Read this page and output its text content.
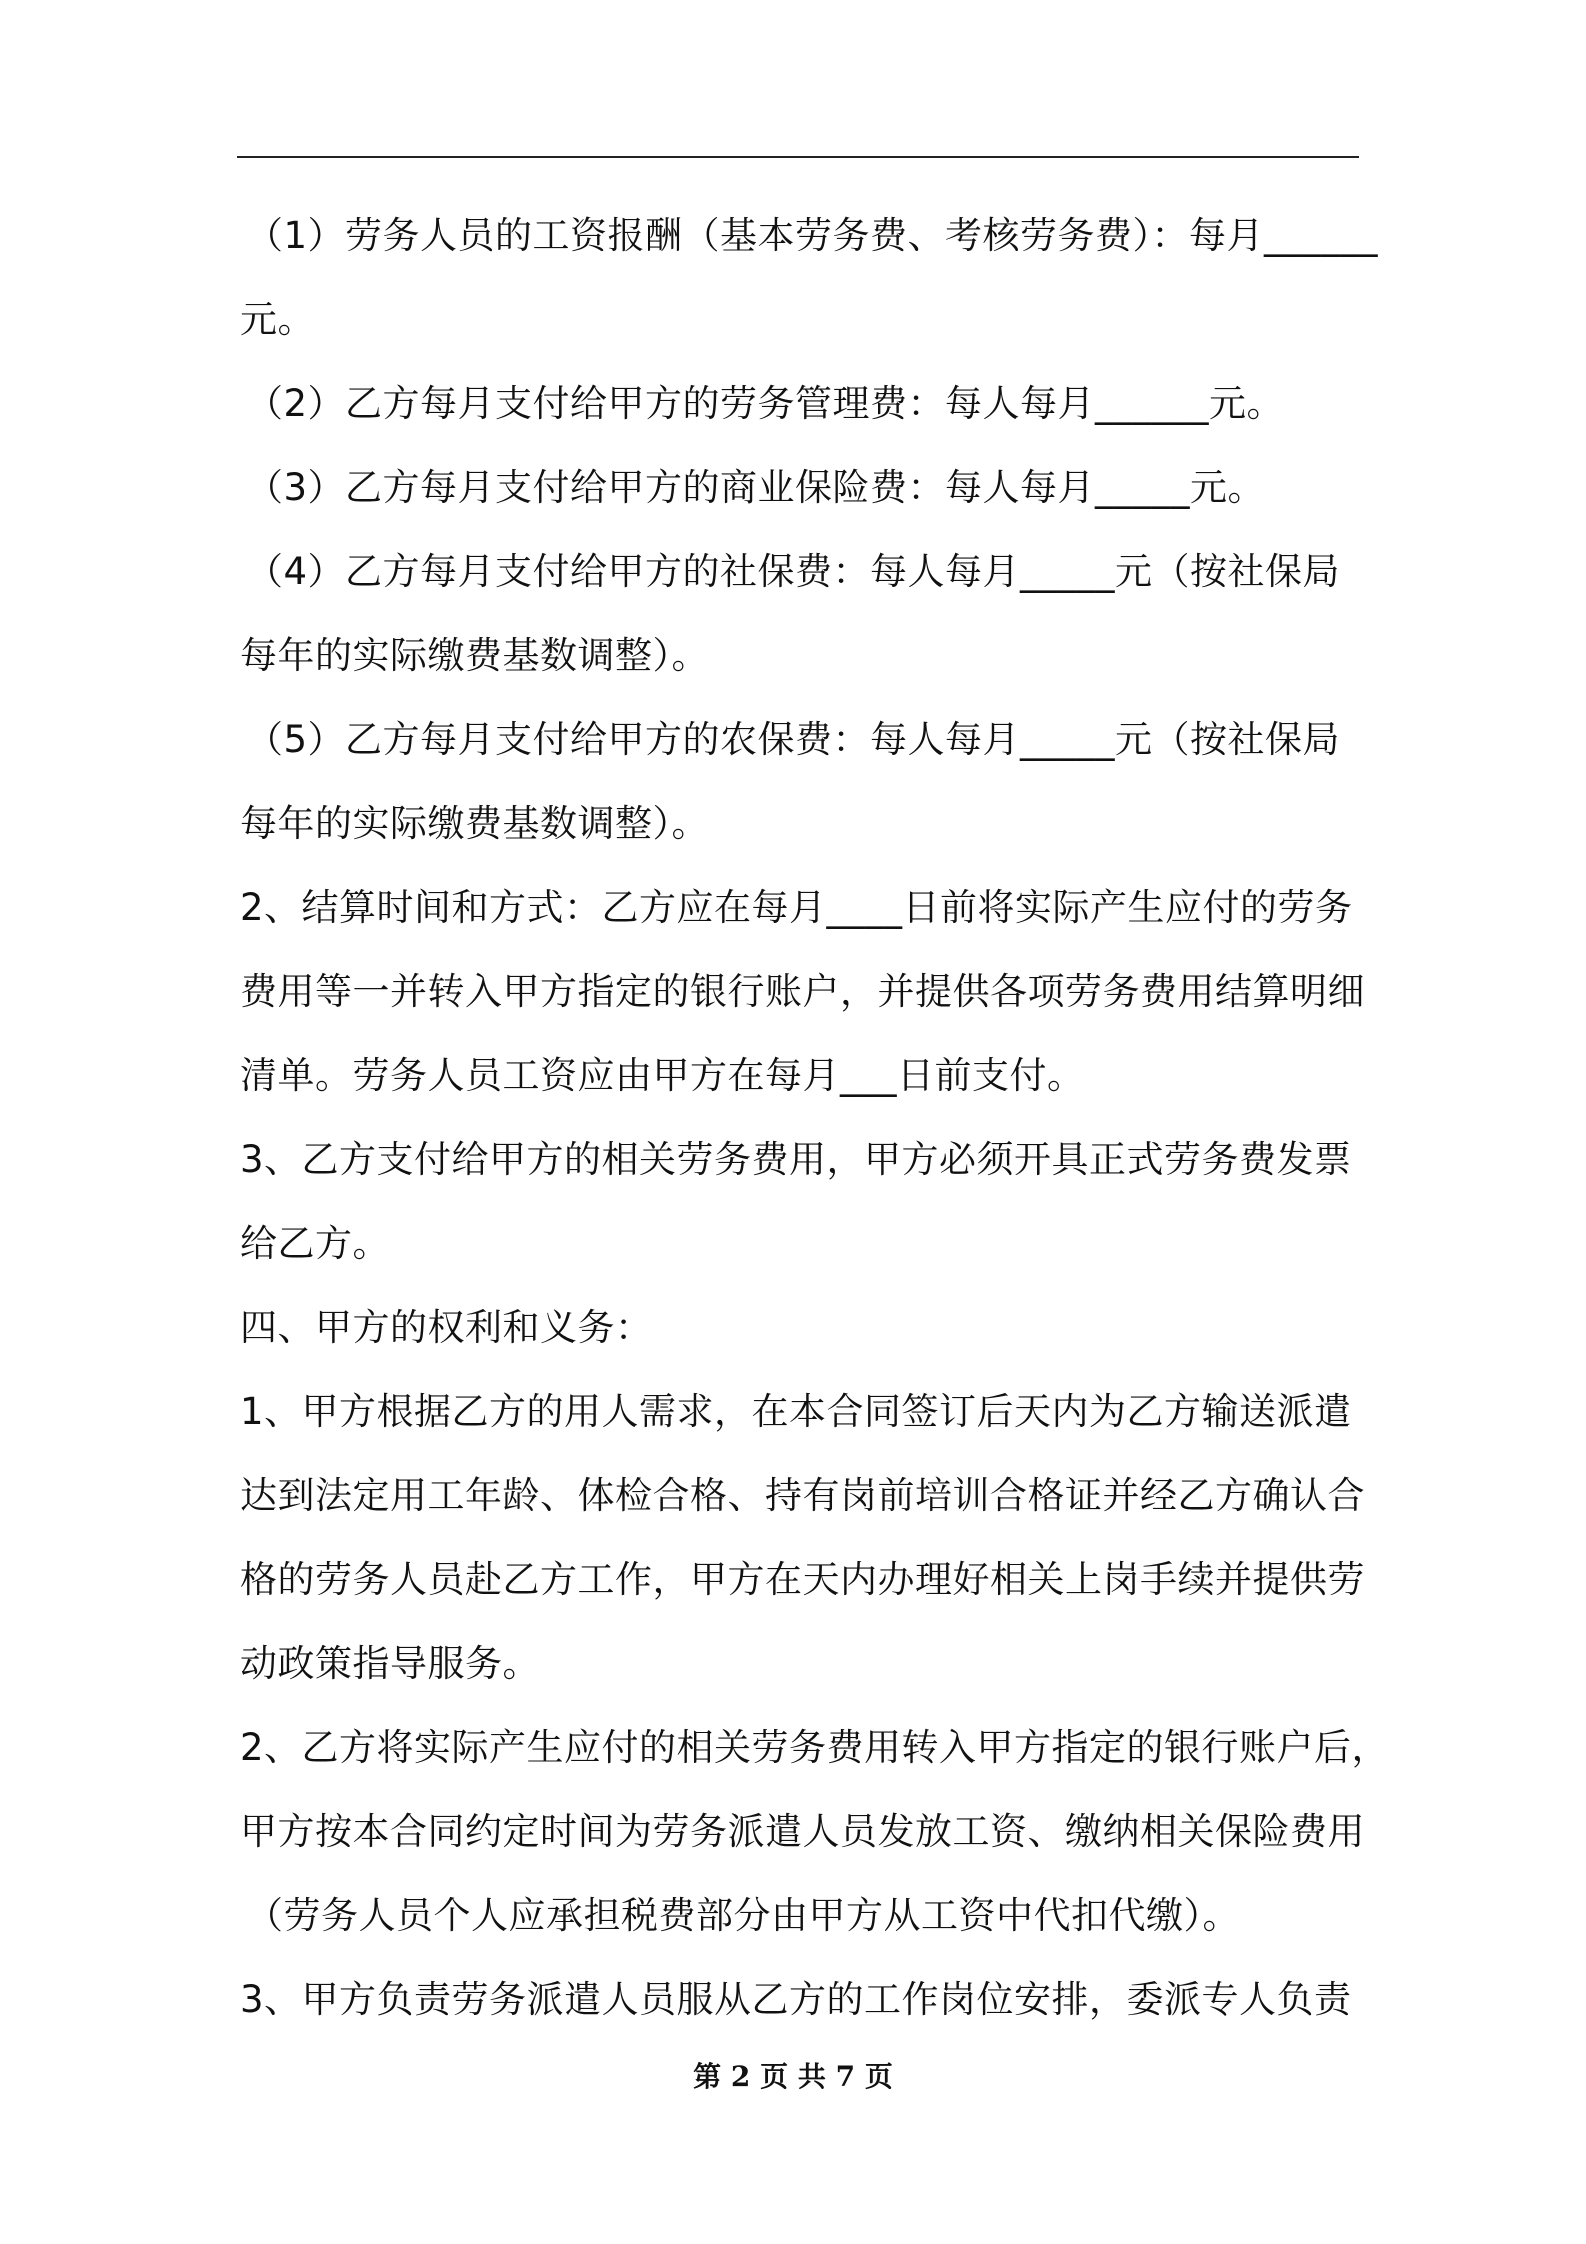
（1）劳务人员的工资报酬（基本劳务费、考核劳务费）：每月______
元。
（2）乙方每月支付给甲方的劳务管理费：每人每月______元。
（3）乙方每月支付给甲方的商业保险费：每人每月_____元。
（4）乙方每月支付给甲方的社保费：每人每月_____元（按社保局
每年的实际缴费基数调整）。
（5）乙方每月支付给甲方的农保费：每人每月_____元（按社保局
每年的实际缴费基数调整）。
2、结算时间和方式：乙方应在每月____日前将实际产生应付的劳务
费用等一并转入甲方指定的银行账户，并提供各项劳务费用结算明细
清单。劳务人员工资应由甲方在每月___日前支付。
3、乙方支付给甲方的相关劳务费用，甲方必须开具正式劳务费发票
给乙方。
四、甲方的权利和义务：
1、甲方根据乙方的用人需求，在本合同签订后天内为乙方输送派遣
达到法定用工年龄、体检合格、持有岗前培训合格证并经乙方确认合
格的劳务人员赴乙方工作，甲方在天内办理好相关上岗手续并提供劳
动政策指导服务。
2、乙方将实际产生应付的相关劳务费用转入甲方指定的银行账户后，
甲方按本合同约定时间为劳务派遣人员发放工资、缴纳相关保险费用
（劳务人员个人应承担税费部分由甲方从工资中代扣代缴）。
3、甲方负责劳务派遣人员服从乙方的工作岗位安排，委派专人负责
第 2 页 共 7 页
